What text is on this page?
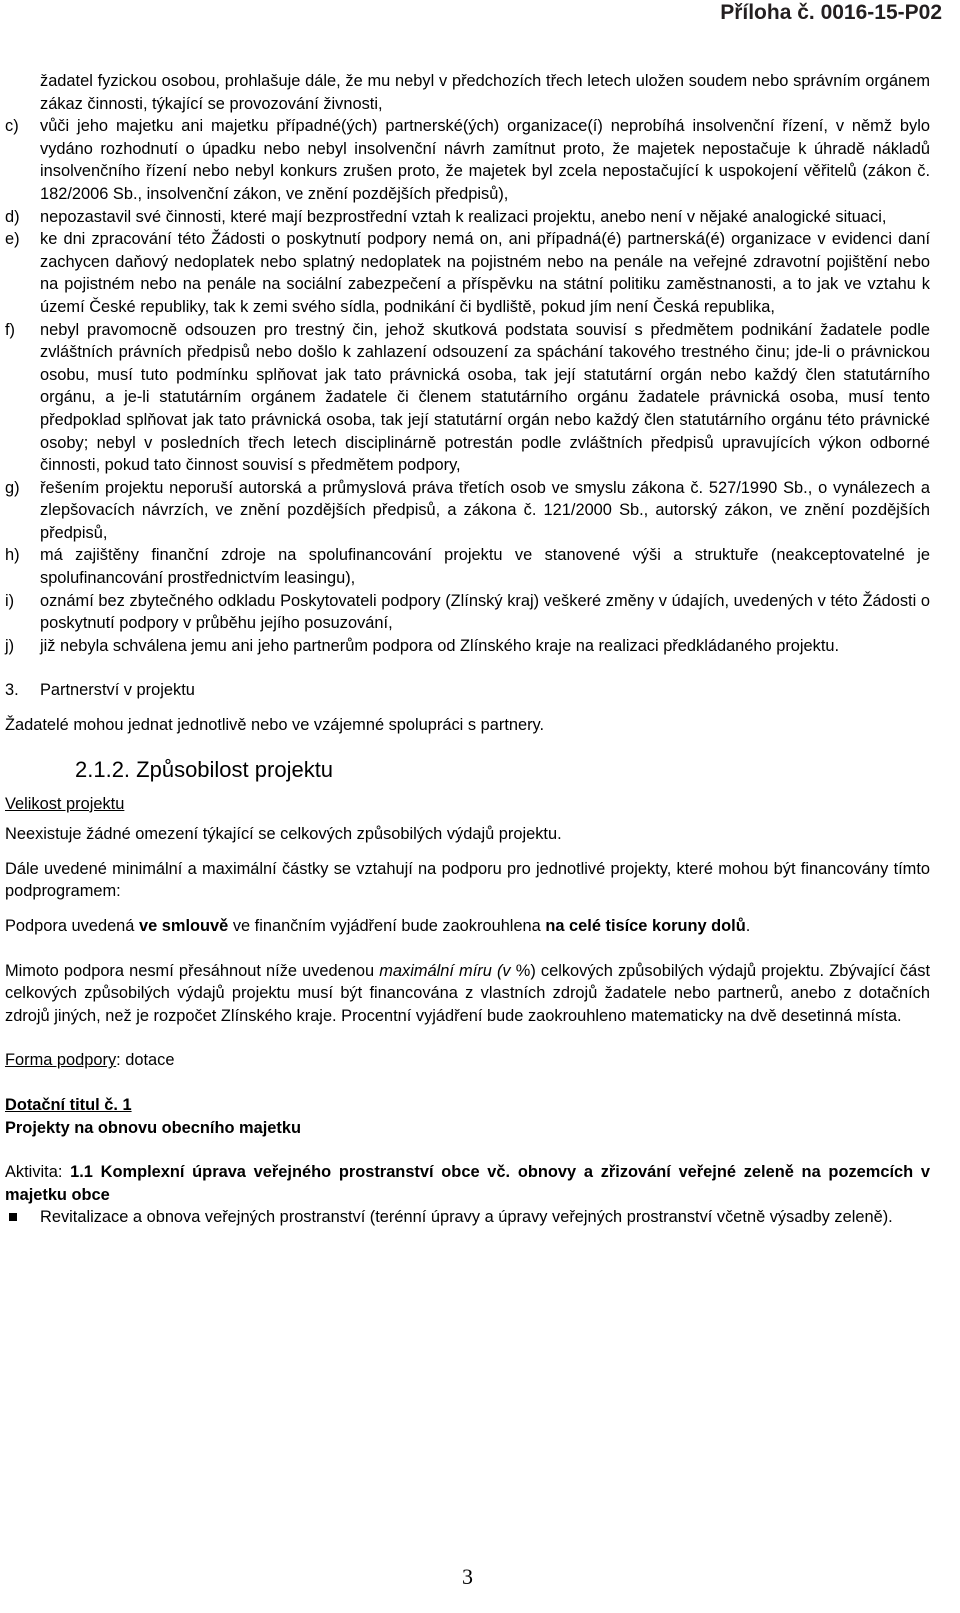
Příloha č. 0016-15-P02
žadatel fyzickou osobou, prohlašuje dále, že mu nebyl v předchozích třech letech uložen soudem nebo správním orgánem zákaz činnosti, týkající se provozování živnosti,
c)	vůči jeho majetku ani majetku případné(ých) partnerské(ých) organizace(í) neprobíhá insolvenční řízení, v němž bylo vydáno rozhodnutí o úpadku nebo nebyl insolvenční návrh zamítnut proto, že majetek nepostačuje k úhradě nákladů insolvenčního řízení nebo nebyl konkurs zrušen proto, že majetek byl zcela nepostačující k uspokojení věřitelů (zákon č. 182/2006 Sb., insolvenční zákon, ve znění pozdějších předpisů),
d)	nepozastavil své činnosti, které mají bezprostřední vztah k realizaci projektu, anebo není v nějaké analogické situaci,
e)	ke dni zpracování této Žádosti o poskytnutí podpory nemá on, ani případná(é) partnerská(é) organizace v evidenci daní zachycen daňový nedoplatek nebo splatný nedoplatek na pojistném nebo na penále na veřejné zdravotní pojištění nebo na pojistném nebo na penále na sociální zabezpečení a příspěvku na státní politiku zaměstnanosti, a to jak ve vztahu k území České republiky, tak k zemi svého sídla, podnikání či bydliště, pokud jím není Česká republika,
f)	nebyl pravomocně odsouzen pro trestný čin, jehož skutková podstata souvisí s předmětem podnikání žadatele podle zvláštních právních předpisů nebo došlo k zahlazení odsouzení za spáchání takového trestného činu; jde-li o právnickou osobu, musí tuto podmínku splňovat jak tato právnická osoba, tak její statutární orgán nebo každý člen statutárního orgánu, a je-li statutárním orgánem žadatele či členem statutárního orgánu žadatele právnická osoba, musí tento předpoklad splňovat jak tato právnická osoba, tak její statutární orgán nebo každý člen statutárního orgánu této právnické osoby; nebyl v posledních třech letech disciplinárně potrestán podle zvláštních předpisů upravujících výkon odborné činnosti, pokud tato činnost souvisí s předmětem podpory,
g)	řešením projektu neporuší autorská a průmyslová práva třetích osob ve smyslu zákona č. 527/1990 Sb., o vynálezech a zlepšovacích návrzích, ve znění pozdějších předpisů, a zákona č. 121/2000 Sb., autorský zákon, ve znění pozdějších předpisů,
h)	má zajištěny finanční zdroje na spolufinancování projektu ve stanovené výši a struktuře (neakceptovatelné je spolufinancování prostřednictvím leasingu),
i)	oznámí bez zbytečného odkladu Poskytovateli podpory (Zlínský kraj) veškeré změny v údajích, uvedených v této Žádosti o poskytnutí podpory v průběhu jejího posuzování,
j)	již nebyla schválena jemu ani jeho partnerům podpora od Zlínského kraje na realizaci předkládaného projektu.
3. Partnerství v projektu

Žadatelé mohou jednat jednotlivě nebo ve vzájemné spolupráci s partnery.

2.1.2. Způsobilost projektu
Velikost projektu

Neexistuje žádné omezení týkající se celkových způsobilých výdajů projektu.

Dále uvedené minimální a maximální částky se vztahují na podporu pro jednotlivé projekty, které mohou být financovány tímto podprogramem:

Podpora uvedená ve smlouvě ve finančním vyjádření bude zaokrouhlena na celé tisíce koruny dolů.

Mimoto podpora nesmí přesáhnout níže uvedenou maximální míru (v %) celkových způsobilých výdajů projektu. Zbývající část celkových způsobilých výdajů projektu musí být financována z vlastních zdrojů žadatele nebo partnerů, anebo z dotačních zdrojů jiných, než je rozpočet Zlínského kraje. Procentní vyjádření bude zaokrouhleno matematicky na dvě desetinná místa.

Forma podpory: dotace
Dotační titul č. 1
Projekty na obnovu obecního majetku

Aktivita: 1.1 Komplexní úprava veřejného prostranství obce vč. obnovy a zřizování veřejné zeleně na pozemcích v majetku obce

Revitalizace a obnova veřejných prostranství (terénní úpravy a úpravy veřejných prostranství včetně výsadby zeleně).
3
